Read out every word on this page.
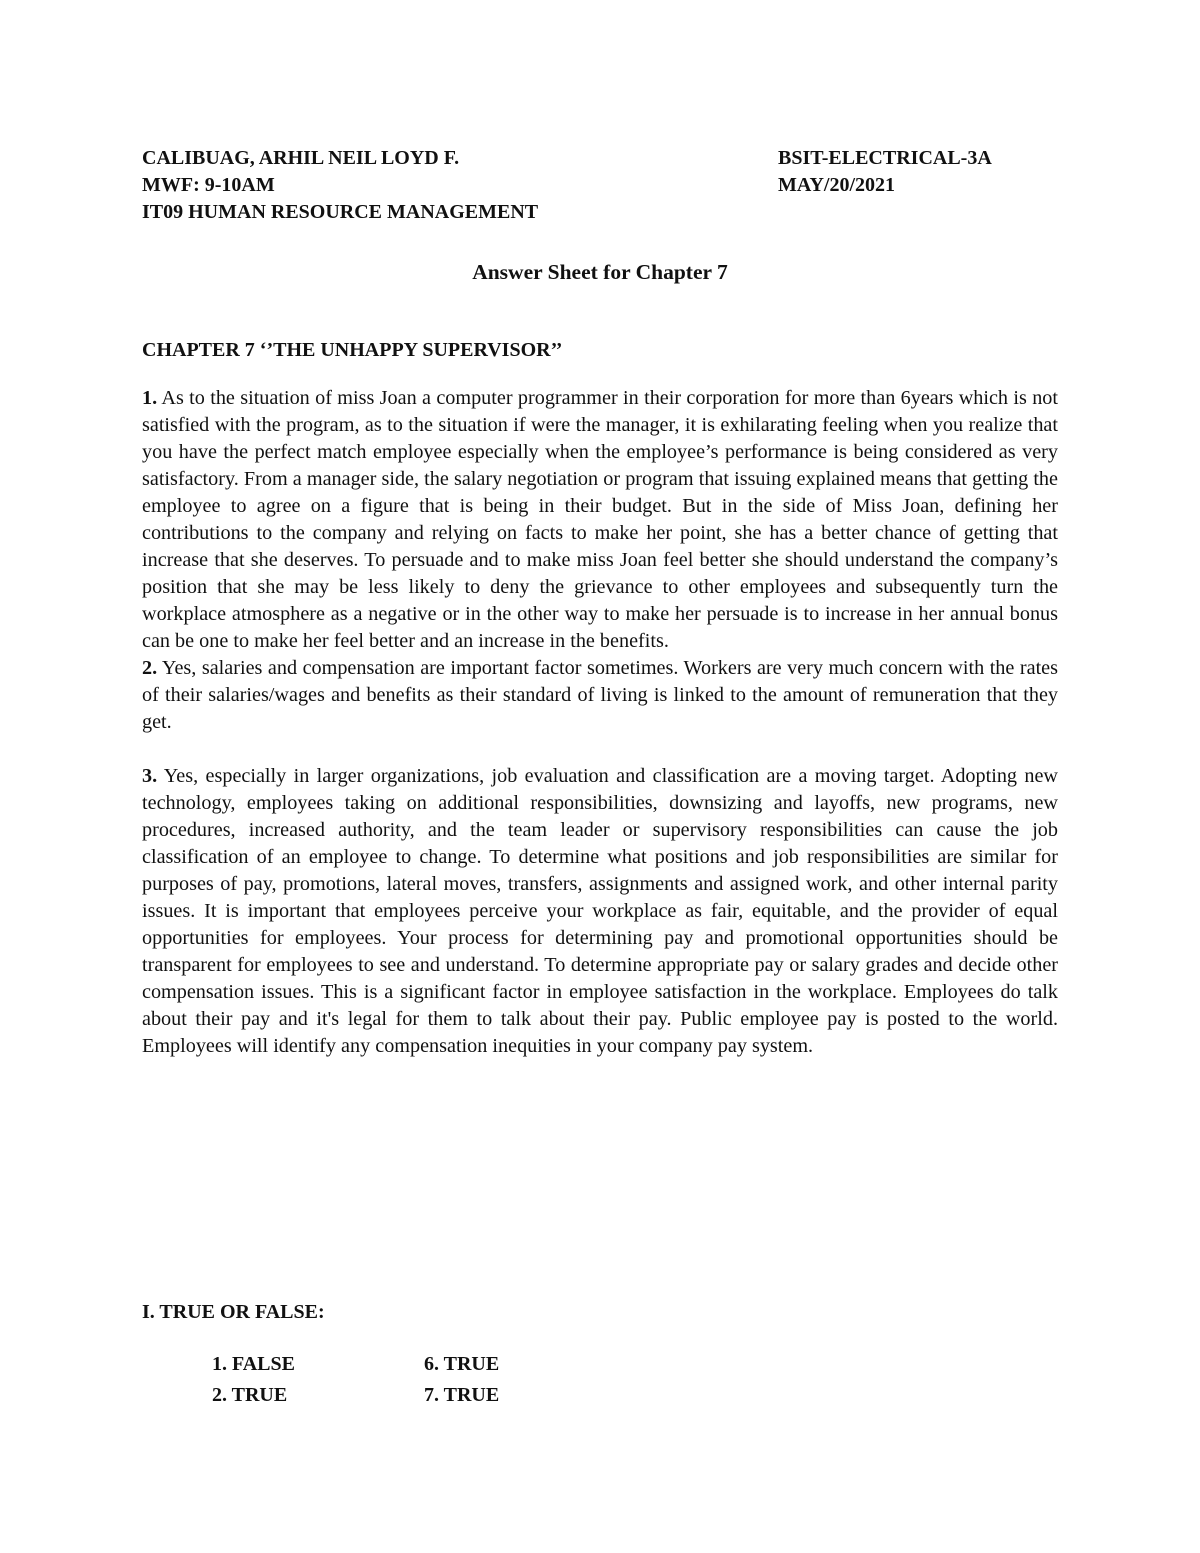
CALIBUAG, ARHIL NEIL LOYD F.	BSIT-ELECTRICAL-3A
MWF: 9-10AM	MAY/20/2021
IT09 HUMAN RESOURCE MANAGEMENT
Answer Sheet for Chapter 7
CHAPTER 7 ‘’THE UNHAPPY SUPERVISOR’’

1. As to the situation of miss Joan a computer programmer in their corporation for more than 6years which is not satisfied with the program, as to the situation if were the manager, it is exhilarating feeling when you realize that you have the perfect match employee especially when the employee’s performance is being considered as very satisfactory. From a manager side, the salary negotiation or program that issuing explained means that getting the employee to agree on a figure that is being in their budget. But in the side of Miss Joan, defining her contributions to the company and relying on facts to make her point, she has a better chance of getting that increase that she deserves. To persuade and to make miss Joan feel better she should understand the company’s position that she may be less likely to deny the grievance to other employees and subsequently turn the workplace atmosphere as a negative or in the other way to make her persuade is to increase in her annual bonus can be one to make her feel better and an increase in the benefits.

2. Yes, salaries and compensation are important factor sometimes. Workers are very much concern with the rates of their salaries/wages and benefits as their standard of living is linked to the amount of remuneration that they get.

3. Yes, especially in larger organizations, job evaluation and classification are a moving target. Adopting new technology, employees taking on additional responsibilities, downsizing and layoffs, new programs, new procedures, increased authority, and the team leader or supervisory responsibilities can cause the job classification of an employee to change. To determine what positions and job responsibilities are similar for purposes of pay, promotions, lateral moves, transfers, assignments and assigned work, and other internal parity issues. It is important that employees perceive your workplace as fair, equitable, and the provider of equal opportunities for employees. Your process for determining pay and promotional opportunities should be transparent for employees to see and understand. To determine appropriate pay or salary grades and decide other compensation issues. This is a significant factor in employee satisfaction in the workplace. Employees do talk about their pay and it's legal for them to talk about their pay. Public employee pay is posted to the world. Employees will identify any compensation inequities in your company pay system.

I. TRUE OR FALSE:
1. FALSE	6. TRUE
2. TRUE	7. TRUE
